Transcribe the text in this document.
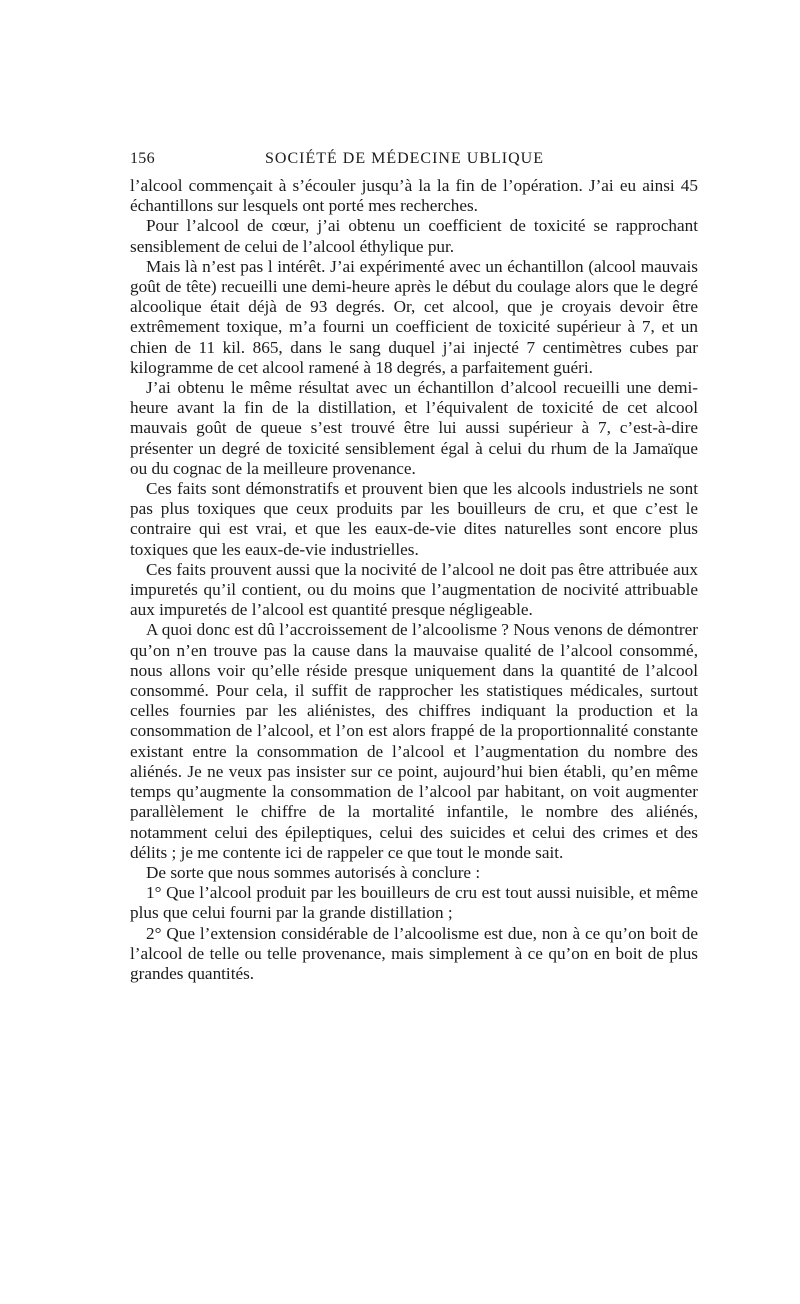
156	SOCIÉTÉ DE MÉDECINE UBLIQUE

l’alcool commençait à s’écouler jusqu’à la la fin de l’opération. J’ai eu ainsi 45 échantillons sur lesquels ont porté mes recherches.

Pour l’alcool de cœur, j’ai obtenu un coefficient de toxicité se rapprochant sensiblement de celui de l’alcool éthylique pur.

Mais là n’est pas l intérêt. J’ai expérimenté avec un échantillon (alcool mauvais goût de tête) recueilli une demi-heure après le début du coulage alors que le degré alcoolique était déjà de 93 degrés. Or, cet alcool, que je croyais devoir être extrêmement toxique, m’a fourni un coefficient de toxicité supérieur à 7, et un chien de 11 kil. 865, dans le sang duquel j’ai injecté 7 centimètres cubes par kilogramme de cet alcool ramené à 18 degrés, a parfaitement guéri.

J’ai obtenu le même résultat avec un échantillon d’alcool recueilli une demi-heure avant la fin de la distillation, et l’équivalent de toxicité de cet alcool mauvais goût de queue s’est trouvé être lui aussi supérieur à 7, c’est-à-dire présenter un degré de toxicité sensiblement égal à celui du rhum de la Jamaïque ou du cognac de la meilleure provenance.

Ces faits sont démonstratifs et prouvent bien que les alcools industriels ne sont pas plus toxiques que ceux produits par les bouilleurs de cru, et que c’est le contraire qui est vrai, et que les eaux-de-vie dites naturelles sont encore plus toxiques que les eaux-de-vie industrielles.

Ces faits prouvent aussi que la nocivité de l’alcool ne doit pas être attribuée aux impuretés qu’il contient, ou du moins que l’augmentation de nocivité attribuable aux impuretés de l’alcool est quantité presque négligeable.

A quoi donc est dû l’accroissement de l’alcoolisme ? Nous venons de démontrer qu’on n’en trouve pas la cause dans la mauvaise qualité de l’alcool consommé, nous allons voir qu’elle réside presque uniquement dans la quantité de l’alcool consommé. Pour cela, il suffit de rapprocher les statistiques médicales, surtout celles fournies par les aliénistes, des chiffres indiquant la production et la consommation de l’alcool, et l’on est alors frappé de la proportionnalité constante existant entre la consommation de l’alcool et l’augmentation du nombre des aliénés. Je ne veux pas insister sur ce point, aujourd’hui bien établi, qu’en même temps qu’augmente la consommation de l’alcool par habitant, on voit augmenter parallèlement le chiffre de la mortalité infantile, le nombre des aliénés, notamment celui des épileptiques, celui des suicides et celui des crimes et des délits ; je me contente ici de rappeler ce que tout le monde sait.

De sorte que nous sommes autorisés à conclure :

1° Que l’alcool produit par les bouilleurs de cru est tout aussi nuisible, et même plus que celui fourni par la grande distillation ;

2° Que l’extension considérable de l’alcoolisme est due, non à ce qu’on boit de l’alcool de telle ou telle provenance, mais simplement à ce qu’on en boit de plus grandes quantités.
